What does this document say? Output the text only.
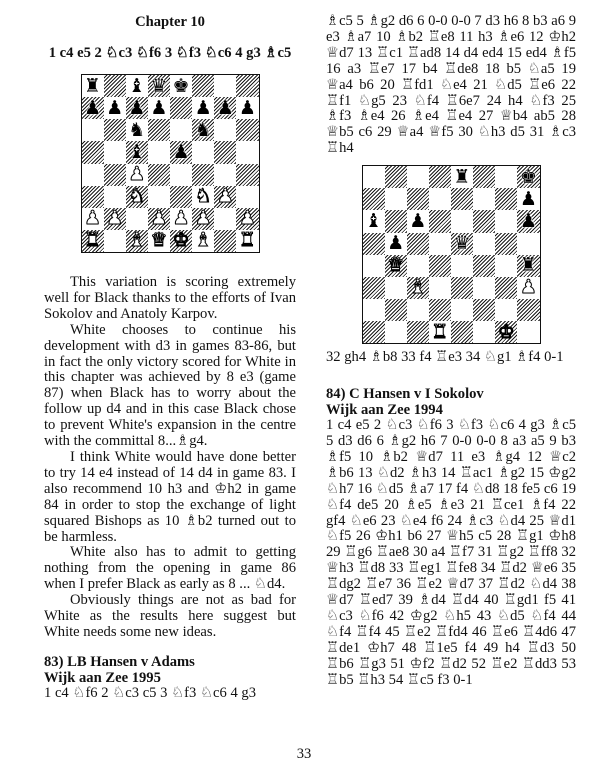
Chapter 10
1 c4 e5 2 ♘c3 ♘f6 3 ♘f3 ♘c6 4 g3 ♗c5
♜ ♝ ♛ ♚
♟ ♟ ♟ ♟ ♟ ♟ ♟
♞	♞
♝ ♟
♟
♞	♞ ♟
♟ ♟ ♟ ♟ ♟ ♟
♜ ♝ ♛ ♚ ♝ ♜

This variation is scoring extremely well for Black thanks to the efforts of Ivan Sokolov and Anatoly Karpov.

White chooses to continue his development with d3 in games 83-86, but in fact the only victory scored for White in this chapter was achieved by 8 e3 (game 87) when Black has to worry about the follow up d4 and in this case Black chose to prevent White's expansion in the centre with the committal 8...♗g4.

I think White would have done better to try 14 e4 instead of 14 d4 in game 83. I also recommend 10 h3 and ♔h2 in game 84 in order to stop the exchange of light squared Bishops as 10 ♗b2 turned out to be harmless.

White also has to admit to getting nothing from the opening in game 86 when I prefer Black as early as 8 ... ♘d4.

Obviously things are not as bad for White as the results here suggest but White needs some new ideas.

83) LB Hansen v Adams

Wijk aan Zee 1995

1 c4 ♘f6 2 ♘c3 c5 3 ♘f3 ♘c6 4 g3

♗c5 5 ♗g2 d6 6 0-0 0-0 7 d3 h6 8 b3 a6 9 e3 ♗a7 10 ♗b2 ♖e8 11 h3 ♗e6 12 ♔h2 ♕d7 13 ♖c1 ♖ad8 14 d4 ed4 15 ed4 ♗f5 16 a3 ♖e7 17 b4 ♖de8 18 b5 ♘a5 19 ♕a4 b6 20 ♖fd1 ♘e4 21 ♘d5 ♖e6 22 ♖f1 ♘g5 23 ♘f4 ♖6e7 24 h4 ♘f3 25 ♗f3 ♗e4 26 ♗e4 ♖e4 27 ♕b4 ab5 28 ♕b5 c6 29 ♕a4 ♕f5 30 ♘h3 d5 31 ♗c3 ♖h4

♜	♚
♟
♝ ♟	♟
♟	♛
♛	♜
♝	♟
♜	♚

32 gh4 ♗b8 33 f4 ♖e3 34 ♘g1 ♗f4 0-1

84) C Hansen v I Sokolov

Wijk aan Zee 1994

1 c4 e5 2 ♘c3 ♘f6 3 ♘f3 ♘c6 4 g3 ♗c5 5 d3 d6 6 ♗g2 h6 7 0-0 0-0 8 a3 a5 9 b3 ♗f5 10 ♗b2 ♕d7 11 e3 ♗g4 12 ♕c2 ♗b6 13 ♘d2 ♗h3 14 ♖ac1 ♗g2 15 ♔g2 ♘h7 16 ♘d5 ♗a7 17 f4 ♘d8 18 fe5 c6 19 ♘f4 de5 20 ♗e5 ♗e3 21 ♖ce1 ♗f4 22 gf4 ♘e6 23 ♘e4 f6 24 ♗c3 ♘d4 25 ♕d1 ♘f5 26 ♔h1 b6 27 ♕h5 c5 28 ♖g1 ♔h8 29 ♖g6 ♖ae8 30 a4 ♖f7 31 ♖g2 ♖ff8 32 ♕h3 ♖d8 33 ♖eg1 ♖fe8 34 ♖d2 ♕e6 35 ♖dg2 ♖e7 36 ♖e2 ♕d7 37 ♖d2 ♘d4 38 ♕d7 ♖ed7 39 ♗d4 ♖d4 40 ♖gd1 f5 41 ♘c3 ♘f6 42 ♔g2 ♘h5 43 ♘d5 ♘f4 44 ♘f4 ♖f4 45 ♖e2 ♖fd4 46 ♖e6 ♖4d6 47 ♖de1 ♔h7 48 ♖1e5 f4 49 h4 ♖d3 50 ♖b6 ♖g3 51 ♔f2 ♖d2 52 ♖e2 ♖dd3 53 ♖b5 ♖h3 54 ♖c5 f3 0-1

33
